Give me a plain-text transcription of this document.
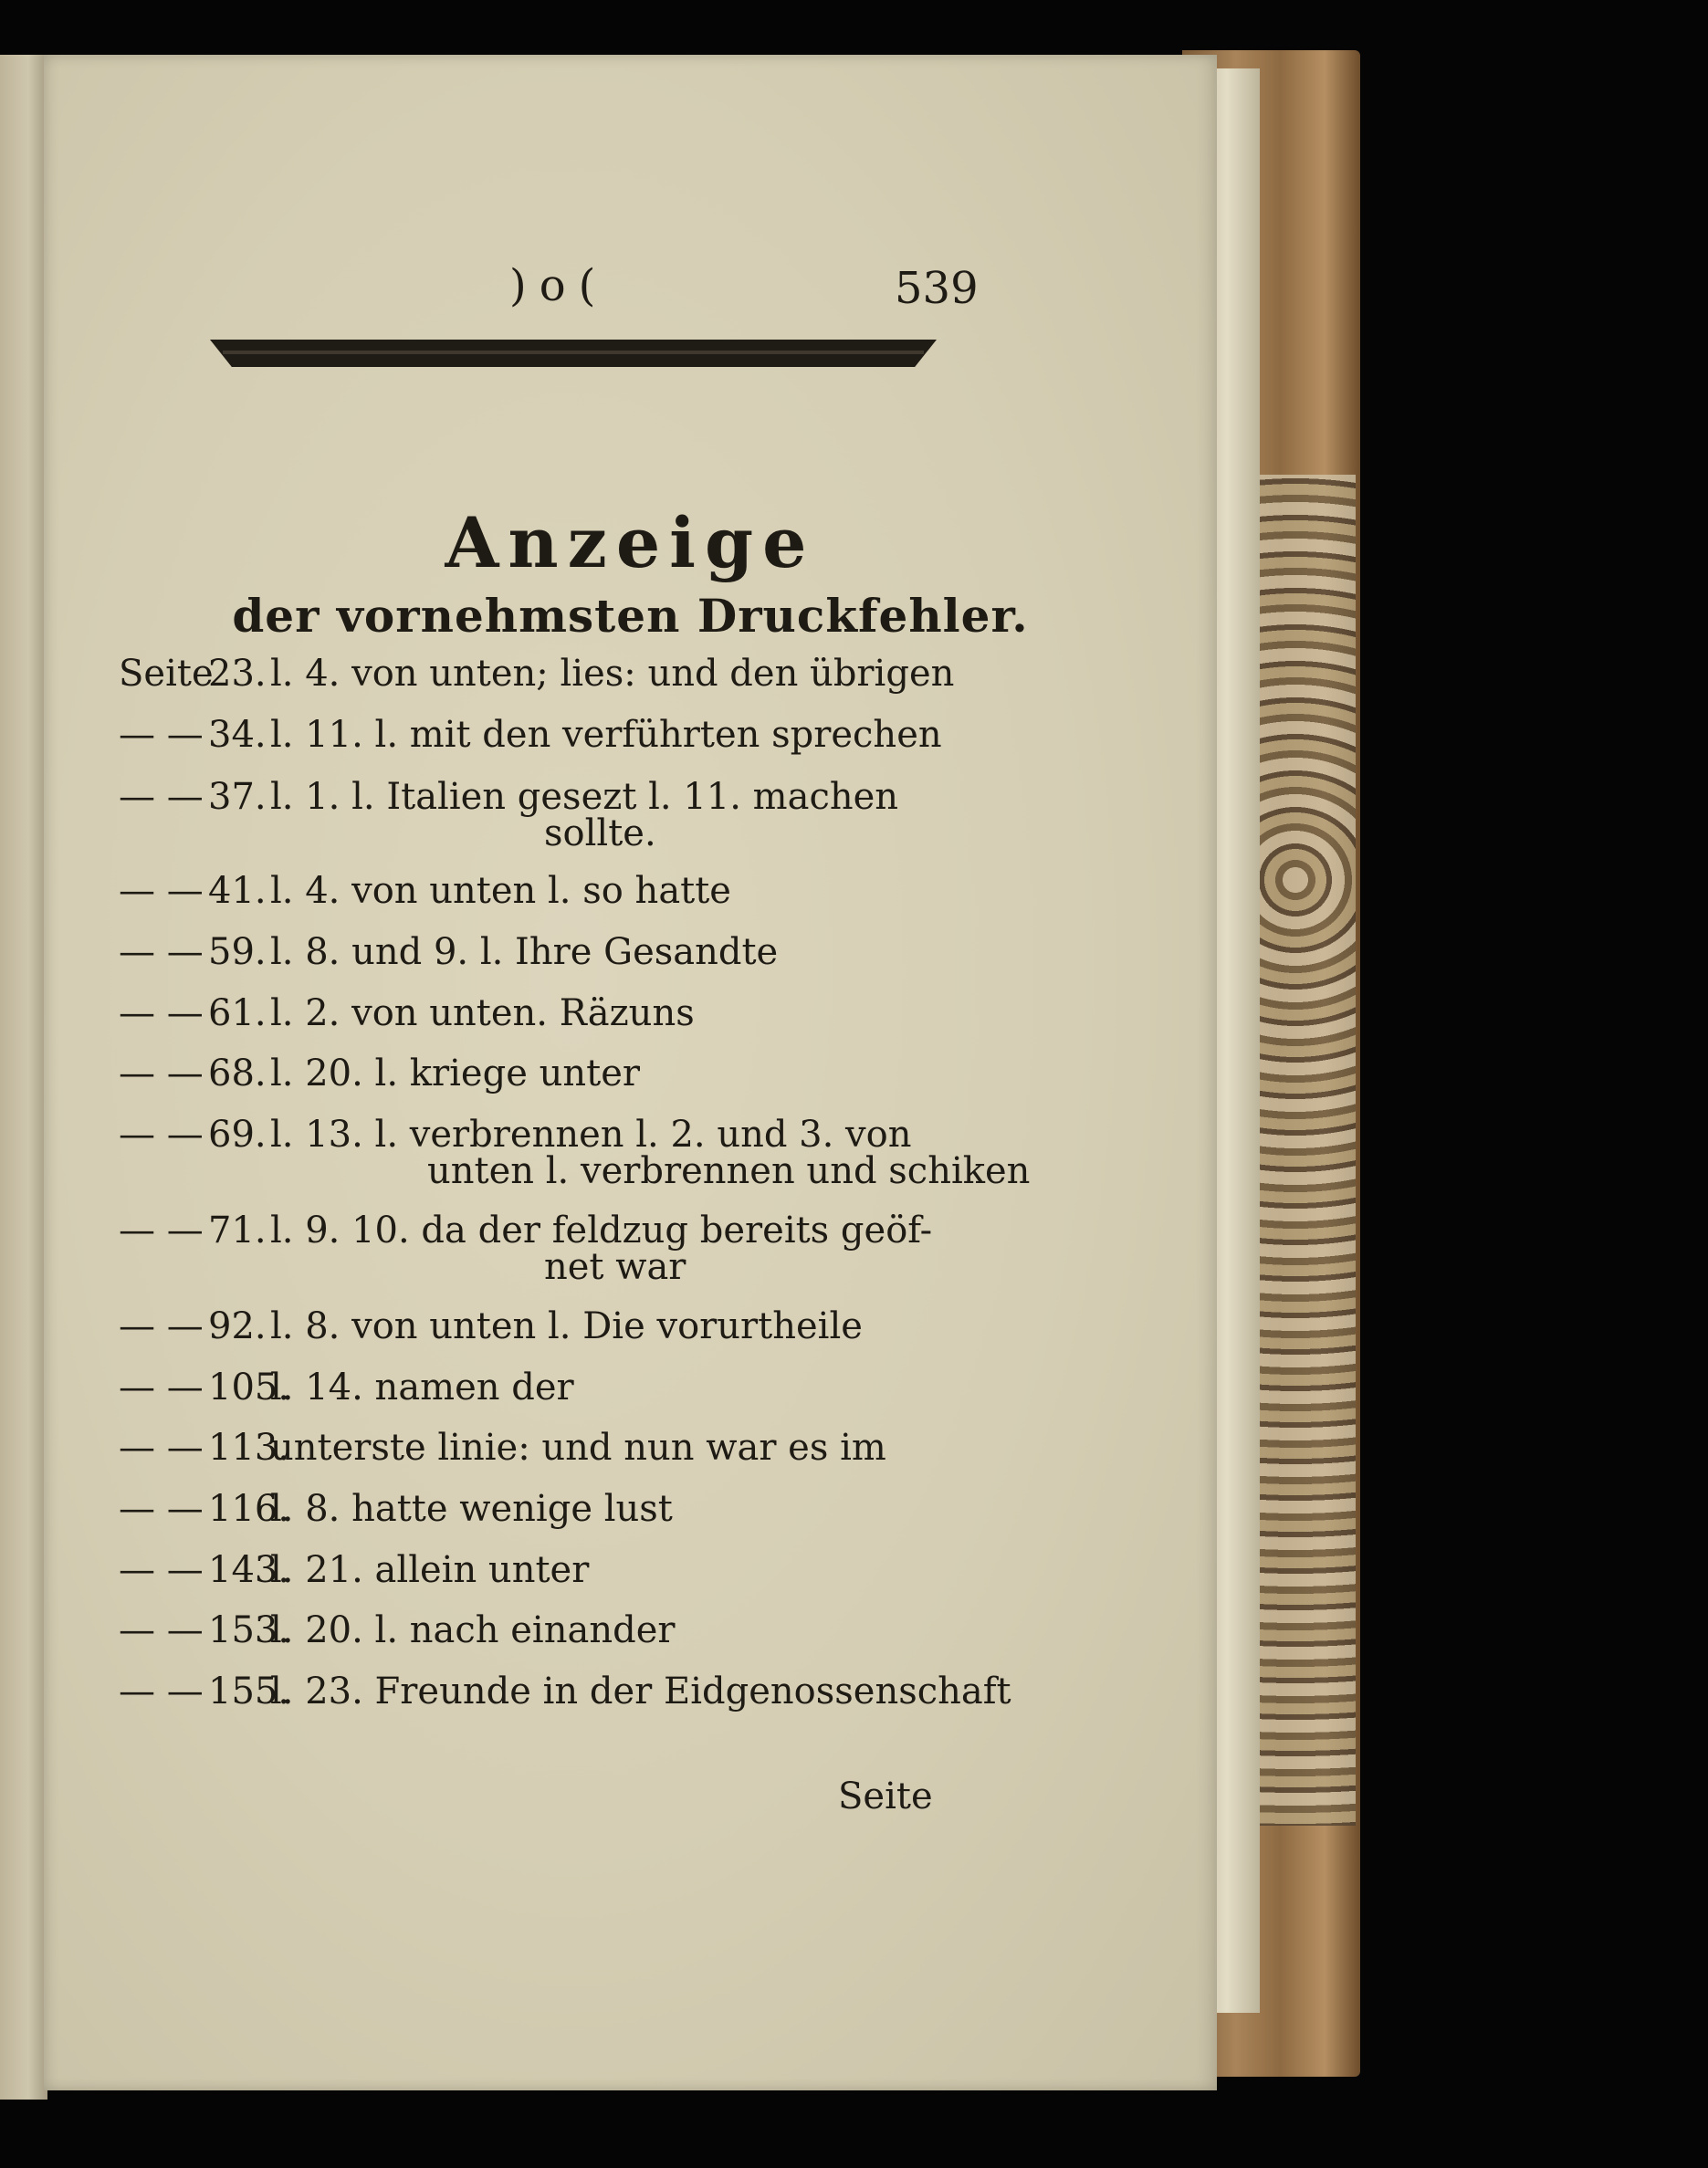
)o(	539
Anzeige
der vornehmsten Druckfehler.
Seite
23. l. 4. von unten; lies: und den übrigen
— — 34. l. 11. l. mit den verführten sprechen
— — 37. l. 1. l. Italien gesezt l. 11. machen
sollte.
— — 41. l. 4. von unten l. so hatte
— — 59. l. 8. und 9. l. Ihre Gesandte
— — 61. l. 2. von unten. Räzuns
— — 68. l. 20. l. kriege unter
— — 69. l. 13. l. verbrennen l. 2. und 3. von
unten l. verbrennen und schiken
— — 71. l. 9. 10. da der feldzug bereits geöf-
net war
— — 92. l. 8. von unten l. Die vorurtheile
— — 105.
l. 14. namen der
— — 113.
unterste linie: und nun war es im
— — 116.
l. 8. hatte wenige lust
— — 143.
l. 21. allein unter
— — 153.
l. 20. l. nach einander
— — 155.
l. 23. Freunde in der Eidgenossenschaft
Seite
